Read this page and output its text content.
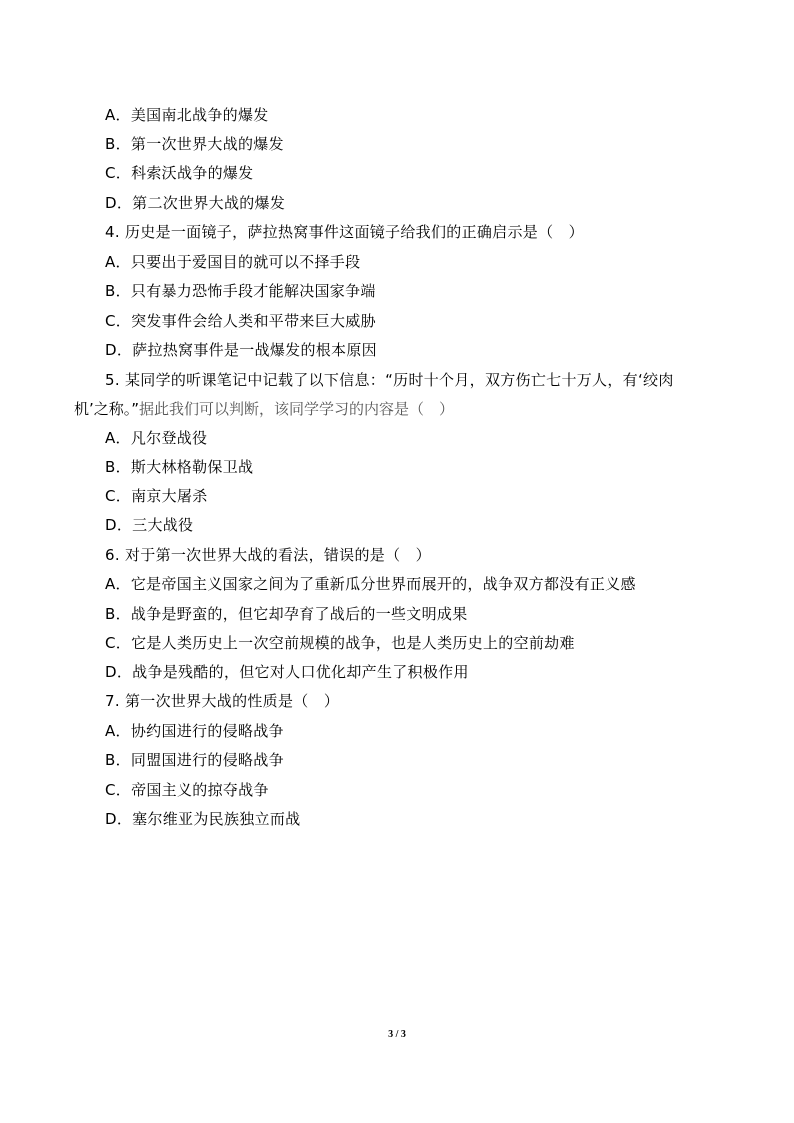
A．美国南北战争的爆发
B．第一次世界大战的爆发
C．科索沃战争的爆发
D．第二次世界大战的爆发
4. 历史是一面镜子，萨拉热窝事件这面镜子给我们的正确启示是（　）
A．只要出于爱国目的就可以不择手段
B．只有暴力恐怖手段才能解决国家争端
C．突发事件会给人类和平带来巨大威胁
D．萨拉热窝事件是一战爆发的根本原因
5. 某同学的听课笔记中记载了以下信息：“历时十个月，双方伤亡七十万人，有‘绞肉
机’之称。”据此我们可以判断，该同学学习的内容是（　）
A．凡尔登战役
B．斯大林格勒保卫战
C．南京大屠杀
D．三大战役
6. 对于第一次世界大战的看法，错误的是（　）
A．它是帝国主义国家之间为了重新瓜分世界而展开的，战争双方都没有正义感
B．战争是野蛮的，但它却孕育了战后的一些文明成果
C．它是人类历史上一次空前规模的战争，也是人类历史上的空前劫难
D．战争是残酷的，但它对人口优化却产生了积极作用
7. 第一次世界大战的性质是（　）
A．协约国进行的侵略战争
B．同盟国进行的侵略战争
C．帝国主义的掠夺战争
D．塞尔维亚为民族独立而战
3 / 3
